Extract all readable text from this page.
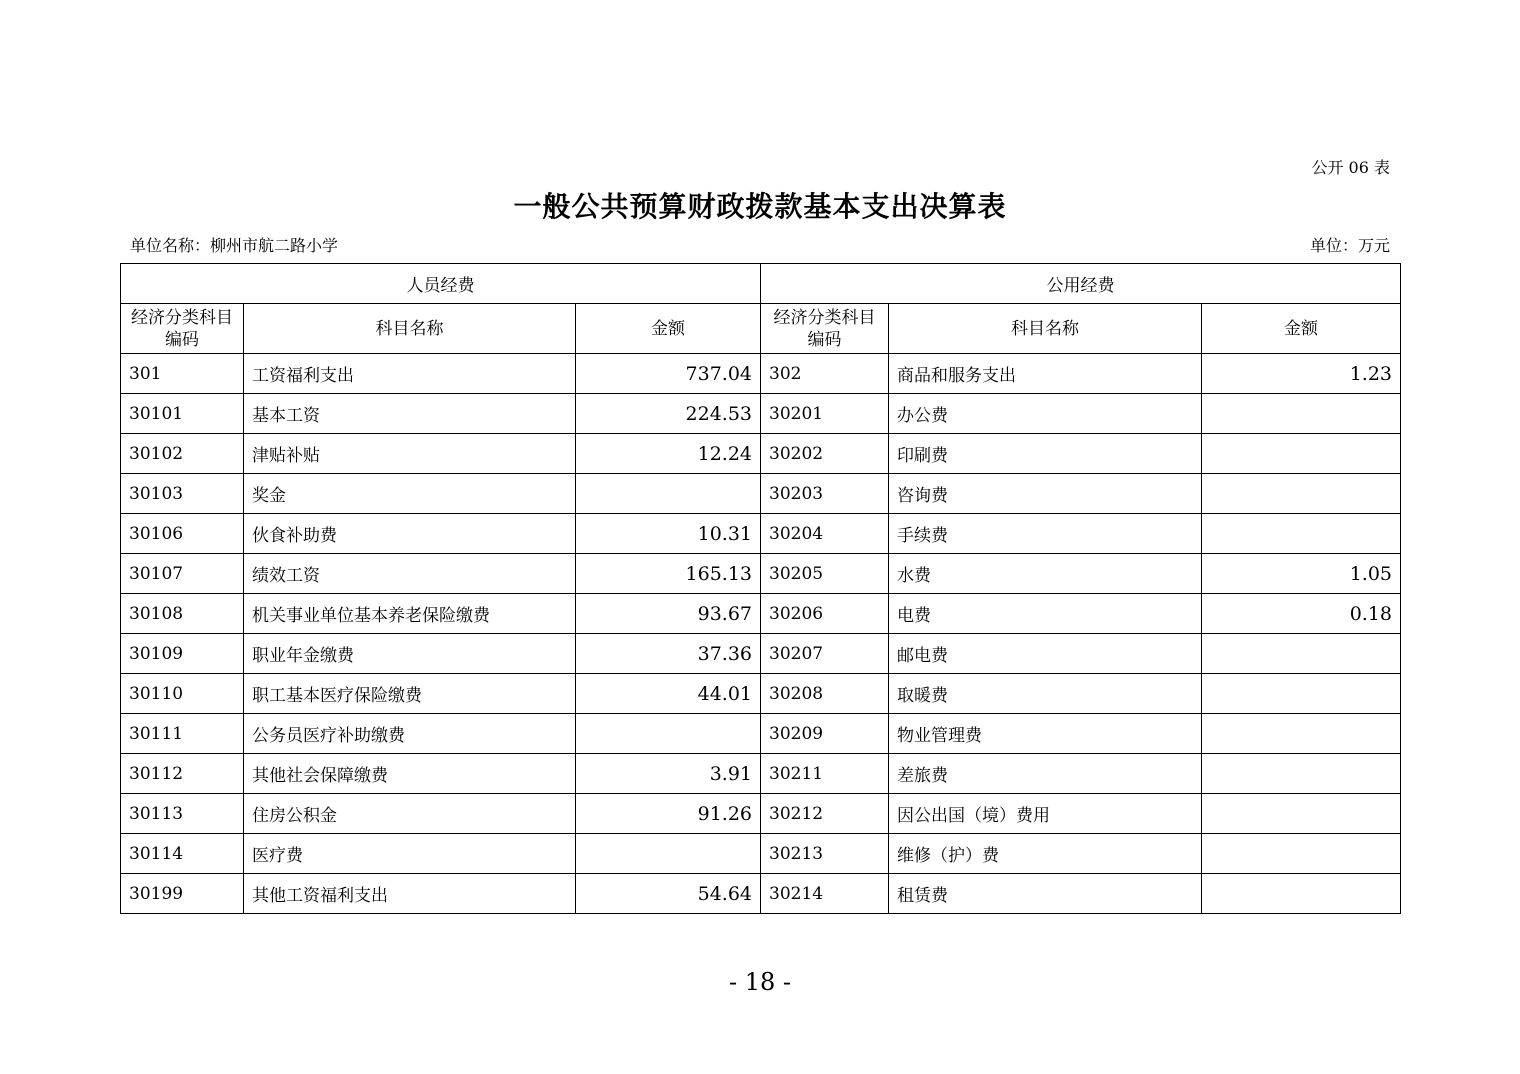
公开 06 表
一般公共预算财政拨款基本支出决算表
单位名称：柳州市航二路小学	单位：万元
人员经费			公用经费		
经济分类科目编码	科目名称	金额	经济分类科目编码	科目名称	金额
301	工资福利支出	737.04	302	商品和服务支出	1.23
30101	基本工资	224.53	30201	办公费	
30102	津贴补贴	12.24	30202	印刷费	
30103	奖金		30203	咨询费	
30106	伙食补助费	10.31	30204	手续费	
30107	绩效工资	165.13	30205	水费	1.05
30108	机关事业单位基本养老保险缴费	93.67	30206	电费	0.18
30109	职业年金缴费	37.36	30207	邮电费	
30110	职工基本医疗保险缴费	44.01	30208	取暖费	
30111	公务员医疗补助缴费		30209	物业管理费	
30112	其他社会保障缴费	3.91	30211	差旅费	
30113	住房公积金	91.26	30212	因公出国（境）费用	
30114	医疗费		30213	维修（护）费	
30199	其他工资福利支出	54.64	30214	租赁费	
- 18 -
